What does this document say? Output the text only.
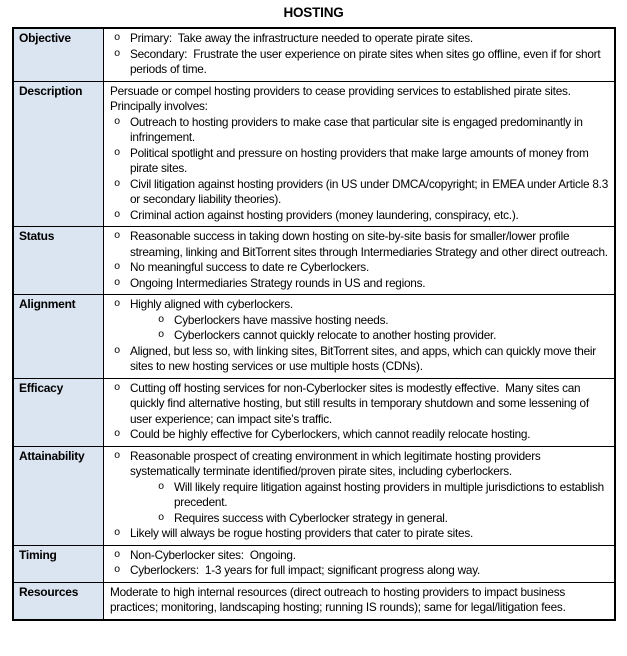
HOSTING
Objective	o Primary:  Take away the infrastructure needed to operate pirate sites.
o Secondary:  Frustrate the user experience on pirate sites when sites go offline, even if for short periods of time.

Description	Persuade or compel hosting providers to cease providing services to established pirate sites.
Principally involves:
o Outreach to hosting providers to make case that particular site is engaged predominantly in infringement.
o Political spotlight and pressure on hosting providers that make large amounts of money from pirate sites.
o Civil litigation against hosting providers (in US under DMCA/copyright; in EMEA under Article 8.3 or secondary liability theories).
o Criminal action against hosting providers (money laundering, conspiracy, etc.).

Status	o Reasonable success in taking down hosting on site-by-site basis for smaller/lower profile streaming, linking and BitTorrent sites through Intermediaries Strategy and other direct outreach.
o No meaningful success to date re Cyberlockers.
o Ongoing Intermediaries Strategy rounds in US and regions.

Alignment	o Highly aligned with cyberlockers.
o Cyberlockers have massive hosting needs.
o Cyberlockers cannot quickly relocate to another hosting provider.
o Aligned, but less so, with linking sites, BitTorrent sites, and apps, which can quickly move their sites to new hosting services or use multiple hosts (CDNs).

Efficacy	o Cutting off hosting services for non-Cyberlocker sites is modestly effective.  Many sites can quickly find alternative hosting, but still results in temporary shutdown and some lessening of user experience; can impact site’s traffic.
o Could be highly effective for Cyberlockers, which cannot readily relocate hosting.

Attainability	o Reasonable prospect of creating environment in which legitimate hosting providers systematically terminate identified/proven pirate sites, including cyberlockers.
o Will likely require litigation against hosting providers in multiple jurisdictions to establish precedent.
o Requires success with Cyberlocker strategy in general.
o Likely will always be rogue hosting providers that cater to pirate sites.

Timing	o Non-Cyberlocker sites:  Ongoing.
o Cyberlockers:  1-3 years for full impact; significant progress along way.

Resources	Moderate to high internal resources (direct outreach to hosting providers to impact business practices; monitoring, landscaping hosting; running IS rounds); same for legal/litigation fees.
